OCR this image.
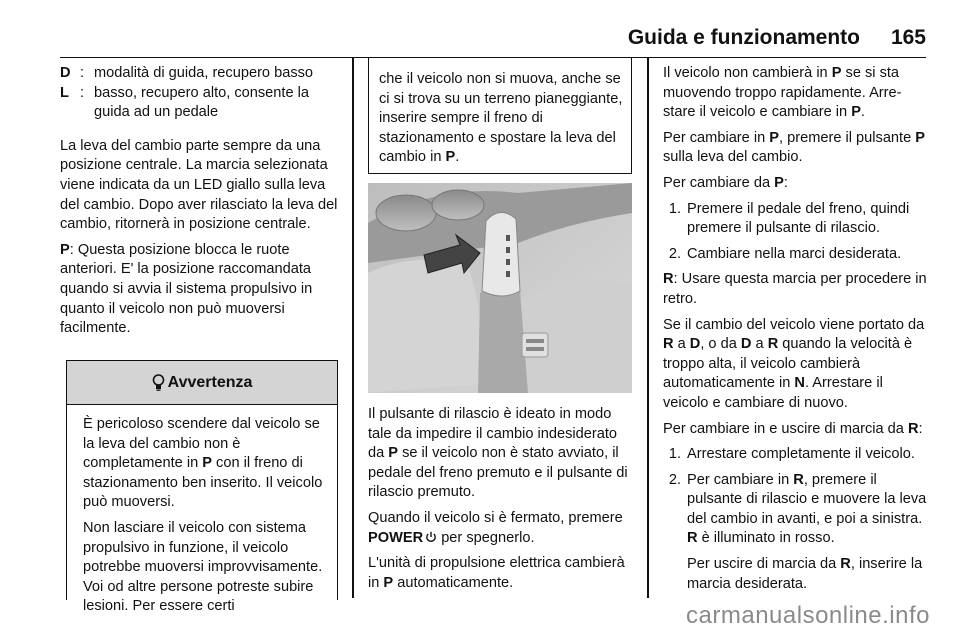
Guida e funzionamento 165
D : modalità di guida, recupero basso
L : basso, recupero alto, consente la guida ad un pedale

La leva del cambio parte sempre da una posizione centrale. La marcia selezionata viene indicata da un LED giallo sulla leva del cambio. Dopo aver rilasciato la leva del cambio, ritornerà in posizione centrale.

P: Questa posizione blocca le ruote anteriori. E' la posizione raccomandata quando si avvia il sistema propulsivo in quanto il veicolo non può muoversi facilmente.

Avvertenza

È pericoloso scendere dal veicolo se la leva del cambio non è completamente in P con il freno di stazionamento ben inserito. Il veicolo può muoversi.

Non lasciare il veicolo con sistema propulsivo in funzione, il veicolo potrebbe muoversi improvvisamente. Voi od altre persone potreste subire lesioni. Per essere certi

che il veicolo non si muova, anche se ci si trova su un terreno pianeggiante, inserire sempre il freno di stazionamento e spostare la leva del cambio in P.

Il pulsante di rilascio è ideato in modo tale da impedire il cambio indesiderato da P se il veicolo non è stato avviato, il pedale del freno premuto e il pulsante di rilascio premuto.

Quando il veicolo si è fermato, premere POWER per spegnerlo.

L'unità di propulsione elettrica cambierà in P automaticamente.

Il veicolo non cambierà in P se si sta muovendo troppo rapidamente. Arrestare il veicolo e cambiare in P.

Per cambiare in P, premere il pulsante P sulla leva del cambio.

Per cambiare da P:

1. Premere il pedale del freno, quindi premere il pulsante di rilascio.
2. Cambiare nella marci desiderata.

R: Usare questa marcia per procedere in retro.

Se il cambio del veicolo viene portato da R a D, o da D a R quando la velocità è troppo alta, il veicolo cambierà automaticamente in N. Arrestare il veicolo e cambiare di nuovo.

Per cambiare in e uscire di marcia da R:

1. Arrestare completamente il veicolo.
2. Per cambiare in R, premere il pulsante di rilascio e muovere la leva del cambio in avanti, e poi a sinistra. R è illuminato in rosso.
Per uscire di marcia da R, inserire la marcia desiderata.
carmanualsonline.info
